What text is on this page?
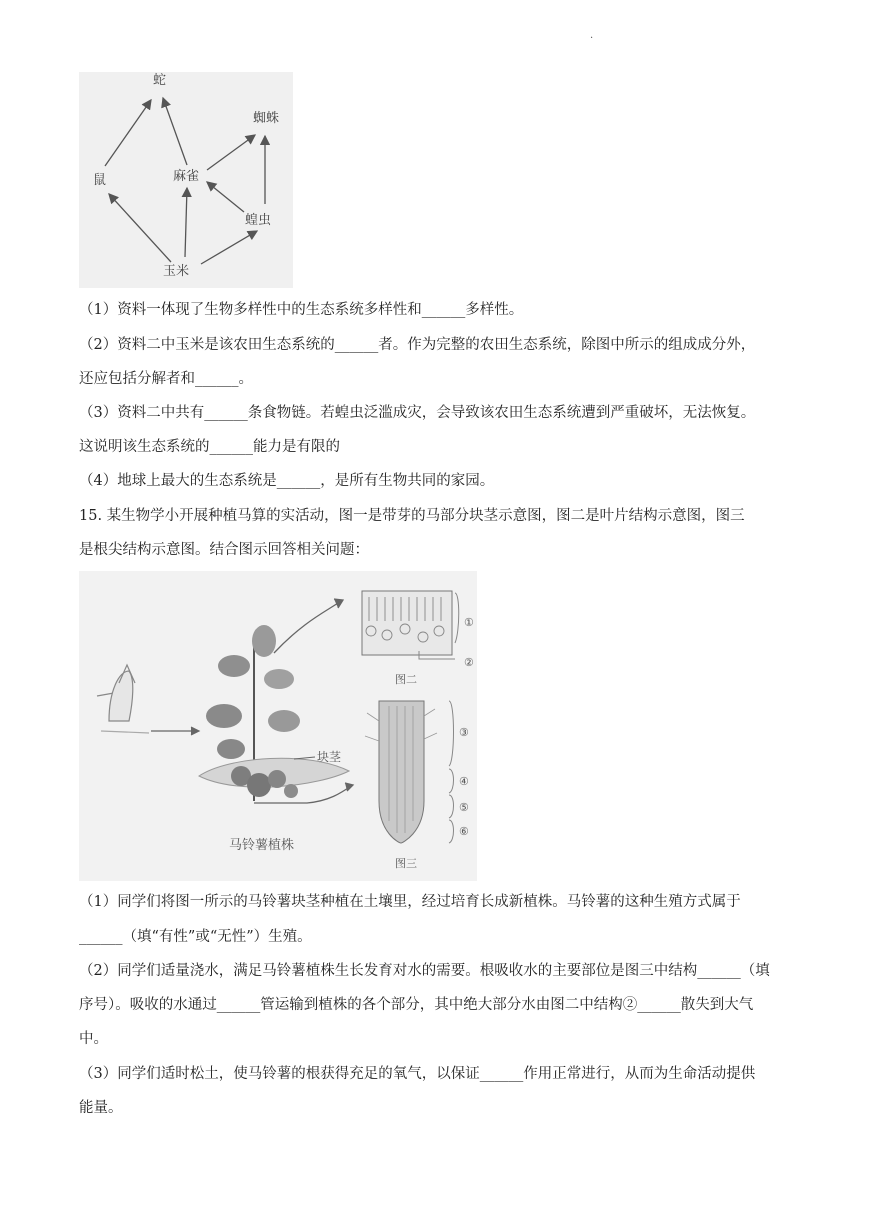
.
蛇
蜘蛛
鼠	麻雀
蝗虫
玉米
（1）资料一体现了生物多样性中的生态系统多样性和______多样性。
（2）资料二中玉米是该农田生态系统的______者。作为完整的农田生态系统，除图中所示的组成成分外，
还应包括分解者和______。
（3）资料二中共有______条食物链。若蝗虫泛滥成灾，会导致该农田生态系统遭到严重破坏，无法恢复。
这说明该生态系统的______能力是有限的
（4）地球上最大的生态系统是______，是所有生物共同的家园。
15. 某生物学小开展种植马算的实活动，图一是带芽的马部分块茎示意图，图二是叶片结构示意图，图三
是根尖结构示意图。结合图示回答相关问题：
块茎
马铃薯植株
①
②
图二
③
④
⑤
⑥
图三
（1）同学们将图一所示的马铃薯块茎种植在土壤里，经过培育长成新植株。马铃薯的这种生殖方式属于
______（填“有性”或“无性”）生殖。
（2）同学们适量浇水，满足马铃薯植株生长发育对水的需要。根吸收水的主要部位是图三中结构______（填
序号）。吸收的水通过______管运输到植株的各个部分，其中绝大部分水由图二中结构②______散失到大气
中。
（3）同学们适时松土，使马铃薯的根获得充足的氧气，以保证______作用正常进行，从而为生命活动提供
能量。
